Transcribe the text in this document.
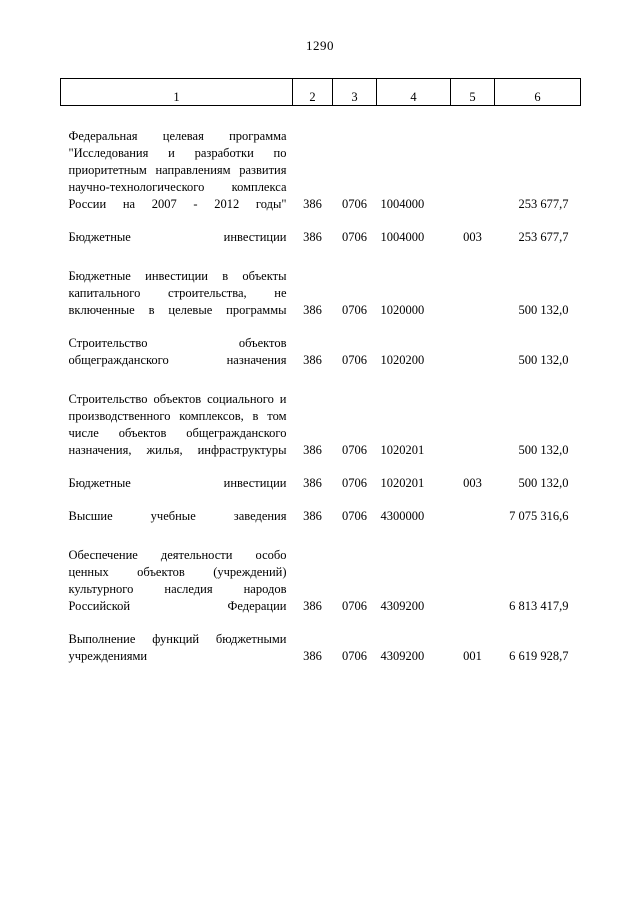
1290
1	2	3	4	5	6

Федеральная целевая программа "Исследования и разработки по приоритетным направлениям развития научно-технологического комплекса России на 2007 - 2012 годы"	386	0706	1004000		253 677,7

Бюджетные инвестиции	386	0706	1004000	003	253 677,7

Бюджетные инвестиции в объекты капитального строительства, не включенные в целевые программы	386	0706	1020000		500 132,0

Строительство объектов общегражданского назначения	386	0706	1020200		500 132,0

Строительство объектов социального и производственного комплексов, в том числе объектов общегражданского назначения, жилья, инфраструктуры	386	0706	1020201		500 132,0

Бюджетные инвестиции	386	0706	1020201	003	500 132,0

Высшие учебные заведения	386	0706	4300000		7 075 316,6

Обеспечение деятельности особо ценных объектов (учреждений) культурного наследия народов Российской Федерации	386	0706	4309200		6 813 417,9

Выполнение функций бюджетными учреждениями	386	0706	4309200	001	6 619 928,7
